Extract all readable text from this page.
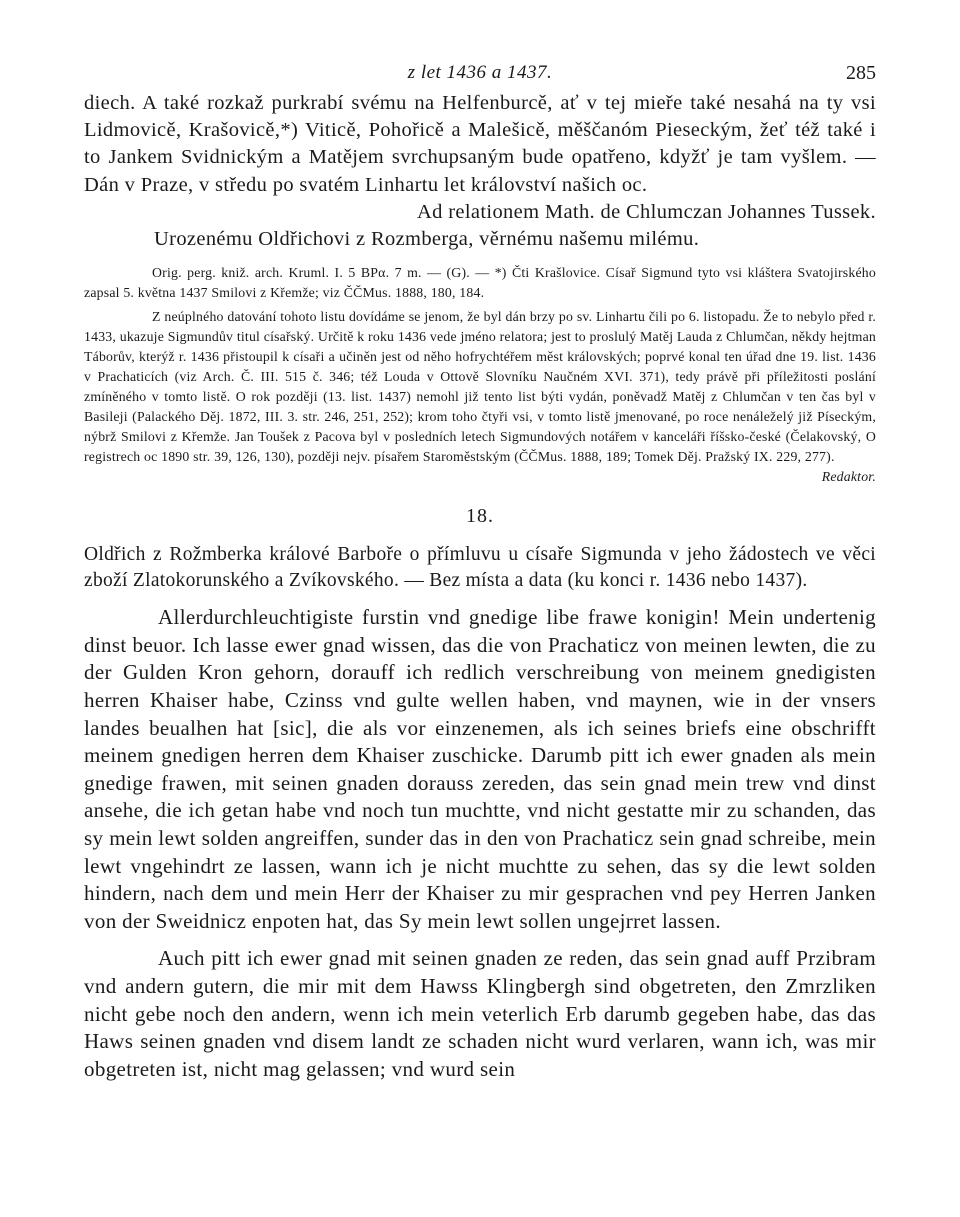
z let 1436 a 1437.	285
diech. A také rozkaž purkrabí svému na Helfenburcě, ať v tej mieře také nesahá na ty vsi Lidmovicě, Krašovicě,*) Viticě, Pohořicě a Malešicě, měščanóm Pieseckým, žeť též také i to Jankem Svidnickým a Matějem svrchupsaným bude opatřeno, kdyžť je tam vyšlem. — Dán v Praze, v středu po svatém Linhartu let království našich oc.
Ad relationem Math. de Chlumczan Johannes Tussek.
Urozenému Oldřichovi z Rozmberga, věrnému našemu milému.
Orig. perg. kniž. arch. Kruml. I. 5 BPα. 7 m. — (G). — *) Čti Krašlovice. Císař Sigmund tyto vsi kláštera Svatojirského zapsal 5. května 1437 Smilovi z Křemže; viz ČČMus. 1888, 180, 184.
Z neúplného datování tohoto listu dovídáme se jenom, že byl dán brzy po sv. Linhartu čili po 6. listopadu. Že to nebylo před r. 1433, ukazuje Sigmundův titul císařský. Určitě k roku 1436 vede jméno relatora; jest to proslulý Matěj Lauda z Chlumčan, někdy hejtman Táborův, kterýž r. 1436 přistoupil k císaři a učiněn jest od něho hofrychtéřem měst královských; poprvé konal ten úřad dne 19. list. 1436 v Prachaticích (viz Arch. Č. III. 515 č. 346; též Louda v Ottově Slovníku Naučném XVI. 371), tedy právě při příležitosti poslání zmíněného v tomto listě. O rok později (13. list. 1437) nemohl již tento list býti vydán, poněvadž Matěj z Chlumčan v ten čas byl v Basileji (Palackého Děj. 1872, III. 3. str. 246, 251, 252); krom toho čtyři vsi, v tomto listě jmenované, po roce nenáleželý již Píseckým, nýbrž Smilovi z Křemže. Jan Toušek z Pacova byl v posledních letech Sigmundových notářem v kanceláři říšsko-české (Čelakovský, O registrech oc 1890 str. 39, 126, 130), později nejv. písařem Staroměstským (ČČMus. 1888, 189; Tomek Děj. Pražský IX. 229, 277).
Redaktor.
18.
Oldřich z Rožmberka králové Barboře o přímluvu u císaře Sigmunda v jeho žádostech ve věci zboží Zlatokorunského a Zvíkovského. — Bez místa a data (ku konci r. 1436 nebo 1437).
Allerdurchleuchtigiste furstin vnd gnedige libe frawe konigin! Mein undertenig dinst beuor. Ich lasse ewer gnad wissen, das die von Prachaticz von meinen lewten, die zu der Gulden Kron gehorn, dorauff ich redlich verschreibung von meinem gnedigisten herren Khaiser habe, Czinss vnd gulte wellen haben, vnd maynen, wie in der vnsers landes beualhen hat [sic], die als vor einzenemen, als ich seines briefs eine obschrifft meinem gnedigen herren dem Khaiser zuschicke. Darumb pitt ich ewer gnaden als mein gnedige frawen, mit seinen gnaden dorauss zereden, das sein gnad mein trew vnd dinst ansehe, die ich getan habe vnd noch tun muchtte, vnd nicht gestatte mir zu schanden, das sy mein lewt solden angreiffen, sunder das in den von Prachaticz sein gnad schreibe, mein lewt vngehindrt ze lassen, wann ich je nicht muchtte zu sehen, das sy die lewt solden hindern, nach dem und mein Herr der Khaiser zu mir gesprachen vnd pey Herren Janken von der Sweidnicz enpoten hat, das Sy mein lewt sollen ungejrret lassen.
Auch pitt ich ewer gnad mit seinen gnaden ze reden, das sein gnad auff Przibram vnd andern gutern, die mir mit dem Hawss Klingbergh sind obgetreten, den Zmrzliken nicht gebe noch den andern, wenn ich mein veterlich Erb darumb gegeben habe, das das Haws seinen gnaden vnd disem landt ze schaden nicht wurd verlaren, wann ich, was mir obgetreten ist, nicht mag gelassen; vnd wurd sein
